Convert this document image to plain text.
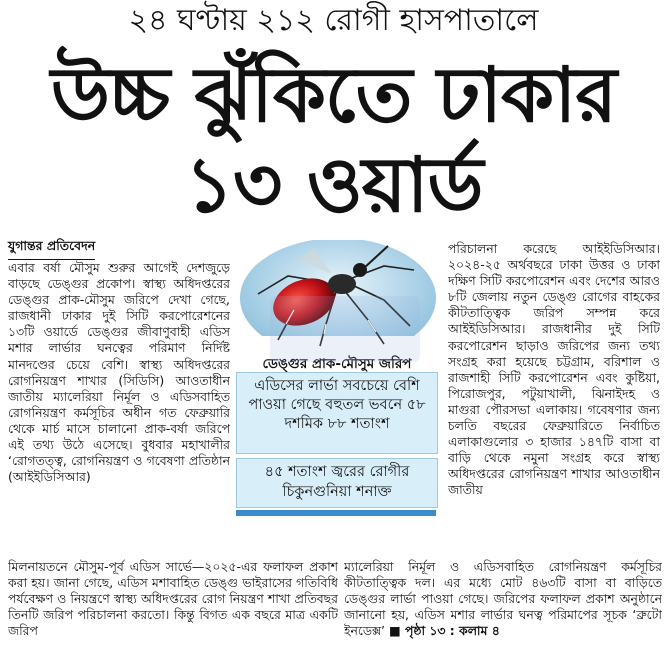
২৪ ঘণ্টায় ২১২ রোগী হাসপাতালে
উচ্চ ঝুঁকিতে ঢাকার
১৩ ওয়ার্ড
যুগান্তর প্রতিবেদন

এবার বর্ষা মৌসুম শুরুর আগেই দেশজুড়ে বাড়ছে ডেঙ্গুর প্রকোপ। স্বাস্থ্য অধিদপ্তরের ডেঙ্গুর প্রাক-মৌসুম জরিপে দেখা গেছে, রাজধানী ঢাকার দুই সিটি করপোরেশনের ১৩টি ওয়ার্ডে ডেঙ্গুর জীবাণুবাহী এডিস মশার লার্ভার ঘনত্বের পরিমাণ নির্দিষ্ট মানদণ্ডের চেয়ে বেশি। স্বাস্থ্য অধিদপ্তরের রোগনিয়ন্ত্রণ শাখার (সিডিসি) আওতাধীন জাতীয় ম্যালেরিয়া নির্মূল ও এডিসবাহিত রোগনিয়ন্ত্রণ কর্মসূচির অধীন গত ফেব্রুয়ারি থেকে মার্চ মাসে চালানো প্রাক-বর্ষা জরিপে এই তথ্য উঠে এসেছে। বুধবার মহাখালীর ‘রোগতত্ত্ব, রোগনিয়ন্ত্রণ ও গবেষণা প্রতিষ্ঠান (আইইডিসিআর)

ডেঙ্গুর প্রাক-মৌসুম জরিপ
এডিসের লার্ভা সবচেয়ে বেশি পাওয়া গেছে বহুতল ভবনে ৫৮ দশমিক ৮৮ শতাংশ
৪৫ শতাংশ জ্বরের রোগীর চিকুনগুনিয়া শনাক্ত

পরিচালনা করেছে আইইডিসিআর। ২০২৪-২৫ অর্থবছরে ঢাকা উত্তর ও ঢাকা দক্ষিণ সিটি করপোরেশন এবং দেশের আরও ৮টি জেলায় নতুন ডেঙ্গু রোগের বাহকের কীটতাত্ত্বিক জরিপ সম্পন্ন করে আইইডিসিআর। রাজধানীর দুই সিটি করপোরেশন ছাড়াও জরিপের জন্য তথ্য সংগ্রহ করা হয়েছে চট্টগ্রাম, বরিশাল ও রাজশাহী সিটি করপোরেশন এবং কুষ্টিয়া, পিরোজপুর, পটুয়াখালী, ঝিনাইদহ ও মাগুরা পৌরসভা এলাকায়। গবেষণার জন্য চলতি বছরের ফেব্রুয়ারিতে নির্বাচিত এলাকাগুলোর ৩ হাজার ১৪৭টি বাসা বা বাড়ি থেকে নমুনা সংগ্রহ করে স্বাস্থ্য অধিদপ্তরের রোগনিয়ন্ত্রণ শাখার আওতাধীন জাতীয়

মিলনায়তনে মৌসুম-পূর্ব এডিস সার্ভে—২০২৫-এর ফলাফল প্রকাশ করা হয়। জানা গেছে, এডিস মশাবাহিত ডেঙ্গু ভাইরাসের গতিবিধি পর্যবেক্ষণ ও নিয়ন্ত্রণে স্বাস্থ্য অধিদপ্তরের রোগ নিয়ন্ত্রণ শাখা প্রতিবছর তিনটি জরিপ পরিচালনা করতো। কিন্তু বিগত এক বছরে মাত্র একটি জরিপ

ম্যালেরিয়া নির্মূল ও এডিসবাহিত রোগনিয়ন্ত্রণ কর্মসূচির কীটতাত্ত্বিক দল। এর মধ্যে মোট ৪৬৩টি বাসা বা বাড়িতে ডেঙ্গুর লার্ভা পাওয়া গেছে। জরিপের ফলাফল প্রকাশ অনুষ্ঠানে জানানো হয়, এডিস মশার লার্ভার ঘনত্ব পরিমাপের সূচক ‘ব্রুটো ইনডেক্স’ ■ পৃষ্ঠা ১৩ : কলাম ৪
